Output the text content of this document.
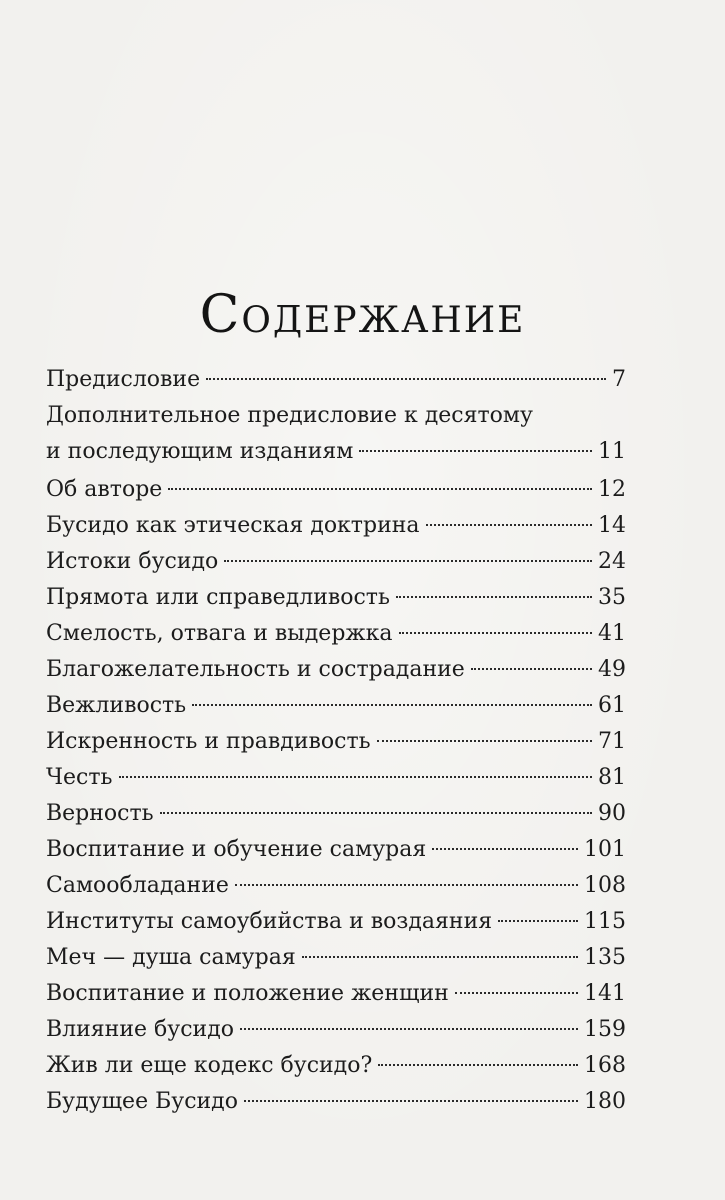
Содержание
Предисловие	7
Дополнительное предисловие к десятому
и последующим изданиям	11
Об авторе	12
Бусидо как этическая доктрина	14
Истоки бусидо	24
Прямота или справедливость	35
Смелость, отвага и выдержка	41
Благожелательность и сострадание	49
Вежливость	61
Искренность и правдивость	71
Честь	81
Верность	90
Воспитание и обучение самурая	101
Самообладание	108
Институты самоубийства и воздаяния	115
Меч — душа самурая	135
Воспитание и положение женщин	141
Влияние бусидо	159
Жив ли еще кодекс бусидо?	168
Будущее Бусидо	180
